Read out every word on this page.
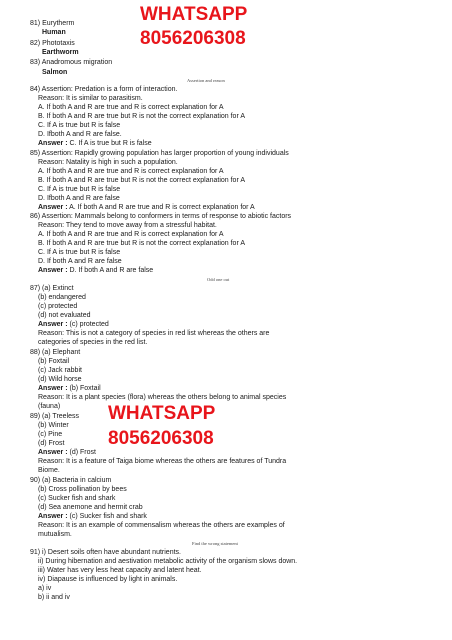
WHATSAPP
8056206308
81) Eurytherm
Human
82) Phototaxis
Earthworm
83) Anadromous migration
Salmon
Assertion and reason
84) Assertion: Predation is a form of interaction.
Reason: It is similar to parasitism.
A. If both A and R are true and R is correct explanation for A
B. If both A and R are true but R is not the correct explanation for A
C. If A is true but R is false
D. Ifboth A and R are false.
Answer : C. If A is true but R is false
85) Assertion: Rapidly growing population has larger proportion of young individuals
Reason: Natality is high in such a population.
A. If both A and R are true and R is correct explanation for A
B. If both A and R are true but R is not the correct explanation for A
C. If A is true but R is false
D. Ifboth A and R are false
Answer : A. If both A and R are true and R is correct explanation for A
86) Assertion: Mammals belong to conformers in terms of response to abiotic factors
Reason: They tend to move away from a stressful habitat.
A. If both A and R are true and R is correct explanation for A
B. If both A and R are true but R is not the correct explanation for A
C. If A is true but R is false
D. If both A and R are false
Answer : D. If both A and R are false
Odd one out
87) (a) Extinct
(b) endangered
(c) protected
(d) not evaluated
Answer : (c) protected
Reason: This is not a category of species in red list whereas the others are
categories of species in the red list.
88) (a) Elephant
(b) Foxtail
(c) Jack rabbit
(d) Wild horse
Answer : (b) Foxtail
Reason: It is a plant species (flora) whereas the others belong to animal species
(fauna)	WHATSAPP
8056206308
89) (a) Treeless
(b) Winter
(c) Pine
(d) Frost
Answer : (d) Frost
Reason: It is a feature of Taiga biome whereas the others are features of Tundra
Biome.
90) (a) Bacteria in calcium
(b) Cross pollination by bees
(c) Sucker fish and shark
(d) Sea anemone and hermit crab
Answer : (c) Sucker fish and shark
Reason: It is an example of commensalism whereas the others are examples of
mutualism.
Find the wrong statement
91) i) Desert soils often have abundant nutrients.
ii) During hibernation and aestivation metabolic activity of the organism slows down.
iii) Water has very less heat capacity and latent heat.
iv) Diapause is influenced by light in animals.
a) iv
b) ii and iv
